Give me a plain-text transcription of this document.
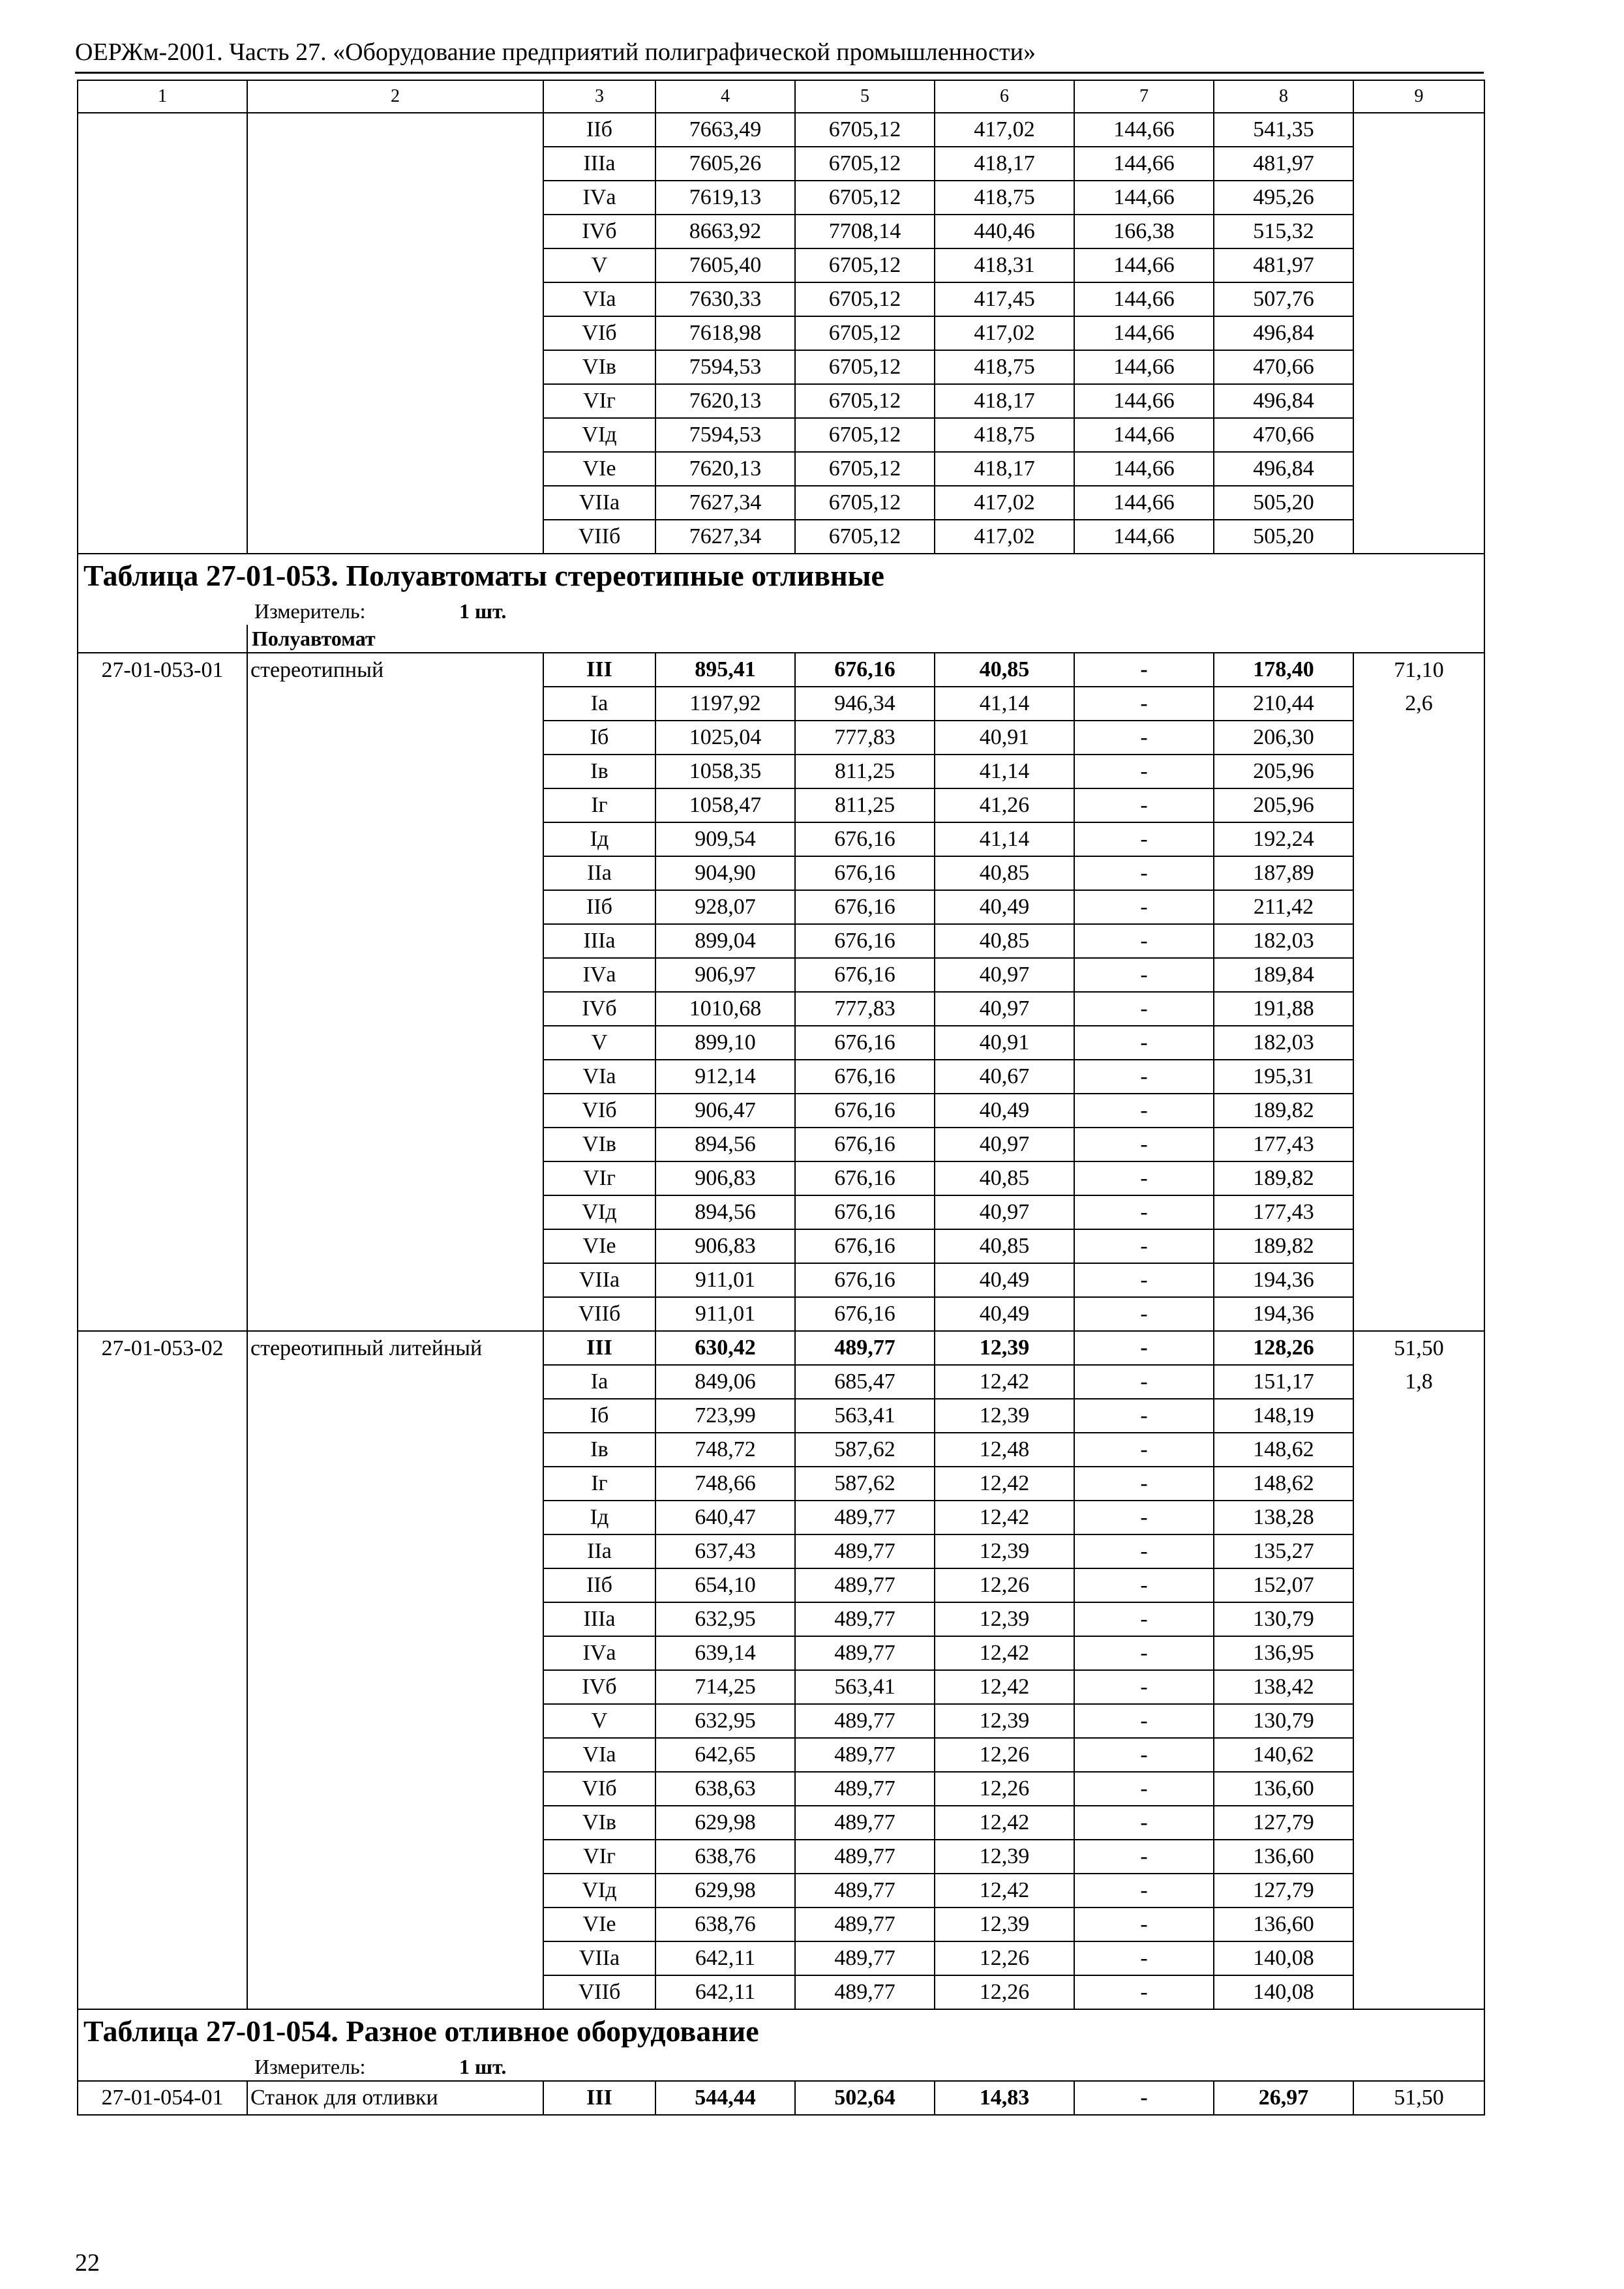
ОЕРЖм-2001. Часть 27. «Оборудование предприятий полиграфической промышленности»
1	2	3	4	5	6	7	8	9
		IIб	7663,49	6705,12	417,02	144,66	541,35	
		IIIа	7605,26	6705,12	418,17	144,66	481,97	
		IVа	7619,13	6705,12	418,75	144,66	495,26	
		IVб	8663,92	7708,14	440,46	166,38	515,32	
		V	7605,40	6705,12	418,31	144,66	481,97	
		VIа	7630,33	6705,12	417,45	144,66	507,76	
		VIб	7618,98	6705,12	417,02	144,66	496,84	
		VIв	7594,53	6705,12	418,75	144,66	470,66	
		VIг	7620,13	6705,12	418,17	144,66	496,84	
		VIд	7594,53	6705,12	418,75	144,66	470,66	
		VIе	7620,13	6705,12	418,17	144,66	496,84	
		VIIа	7627,34	6705,12	417,02	144,66	505,20	
		VIIб	7627,34	6705,12	417,02	144,66	505,20	
Таблица 27-01-053. Полуавтоматы стереотипные отливные								
Измеритель: 1 шт.								
	Полуавтомат							
27-01-053-01	стереотипный	III	895,41	676,16	40,85	-	178,40	71,10
		Iа	1197,92	946,34	41,14	-	210,44	2,6
		Iб	1025,04	777,83	40,91	-	206,30	
		Iв	1058,35	811,25	41,14	-	205,96	
		Iг	1058,47	811,25	41,26	-	205,96	
		Iд	909,54	676,16	41,14	-	192,24	
		IIа	904,90	676,16	40,85	-	187,89	
		IIб	928,07	676,16	40,49	-	211,42	
		IIIа	899,04	676,16	40,85	-	182,03	
		IVа	906,97	676,16	40,97	-	189,84	
		IVб	1010,68	777,83	40,97	-	191,88	
		V	899,10	676,16	40,91	-	182,03	
		VIа	912,14	676,16	40,67	-	195,31	
		VIб	906,47	676,16	40,49	-	189,82	
		VIв	894,56	676,16	40,97	-	177,43	
		VIг	906,83	676,16	40,85	-	189,82	
		VIд	894,56	676,16	40,97	-	177,43	
		VIе	906,83	676,16	40,85	-	189,82	
		VIIа	911,01	676,16	40,49	-	194,36	
		VIIб	911,01	676,16	40,49	-	194,36	
27-01-053-02	стереотипный литейный	III	630,42	489,77	12,39	-	128,26	51,50
		Iа	849,06	685,47	12,42	-	151,17	1,8
		Iб	723,99	563,41	12,39	-	148,19	
		Iв	748,72	587,62	12,48	-	148,62	
		Iг	748,66	587,62	12,42	-	148,62	
		Iд	640,47	489,77	12,42	-	138,28	
		IIа	637,43	489,77	12,39	-	135,27	
		IIб	654,10	489,77	12,26	-	152,07	
		IIIа	632,95	489,77	12,39	-	130,79	
		IVа	639,14	489,77	12,42	-	136,95	
		IVб	714,25	563,41	12,42	-	138,42	
		V	632,95	489,77	12,39	-	130,79	
		VIа	642,65	489,77	12,26	-	140,62	
		VIб	638,63	489,77	12,26	-	136,60	
		VIв	629,98	489,77	12,42	-	127,79	
		VIг	638,76	489,77	12,39	-	136,60	
		VIд	629,98	489,77	12,42	-	127,79	
		VIе	638,76	489,77	12,39	-	136,60	
		VIIа	642,11	489,77	12,26	-	140,08	
		VIIб	642,11	489,77	12,26	-	140,08	
Таблица 27-01-054. Разное отливное оборудование								
Измеритель: 1 шт.								
27-01-054-01	Станок для отливки	III	544,44	502,64	14,83	-	26,97	51,50
22
